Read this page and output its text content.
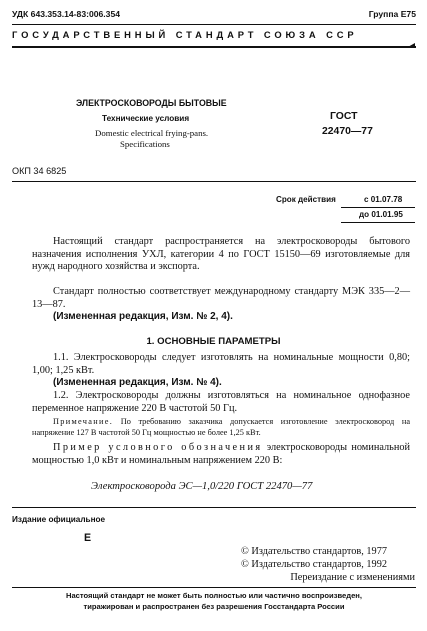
УДК 643.353.14-83:006.354	Группа Е75
ГОСУДАРСТВЕННЫЙ СТАНДАРТ СОЮЗА ССР
ЭЛЕКТРОСКОВОРОДЫ БЫТОВЫЕ
Технические условия
Domestic electrical frying-pans.
Specifications
ГОСТ
22470—77
ОКП 34 6825
Срок действия	с 01.07.78
до 01.01.95
Настоящий стандарт распространяется на электросковороды бытового назначения исполнения УХЛ, категории 4 по ГОСТ 15150—69 изготовляемые для нужд народного хозяйства и экспорта.
Стандарт полностью соответствует международному стандарту МЭК 335—2—13—87.
(Измененная редакция, Изм. № 2, 4).
1. ОСНОВНЫЕ ПАРАМЕТРЫ
1.1. Электросковороды следует изготовлять на номинальные мощности 0,80; 1,00; 1,25 кВт.
(Измененная редакция, Изм. № 4).
1.2. Электросковороды должны изготовляться на номинальное однофазное переменное напряжение 220 В частотой 50 Гц.
Примечание. По требованию заказчика допускается изготовление электросковород на напряжение 127 В частотой 50 Гц мощностью не более 1,25 кВт.
Пример условного обозначения электросковороды номинальной мощностью 1,0 кВт и номинальным напряжением 220 В:
Электросковорода ЭС—1,0/220 ГОСТ 22470—77
Издание официальное
Е
© Издательство стандартов, 1977
© Издательство стандартов, 1992
Переиздание с изменениями
Настоящий стандарт не может быть полностью или частично воспроизведен,
тиражирован и распространен без разрешения Госстандарта России
